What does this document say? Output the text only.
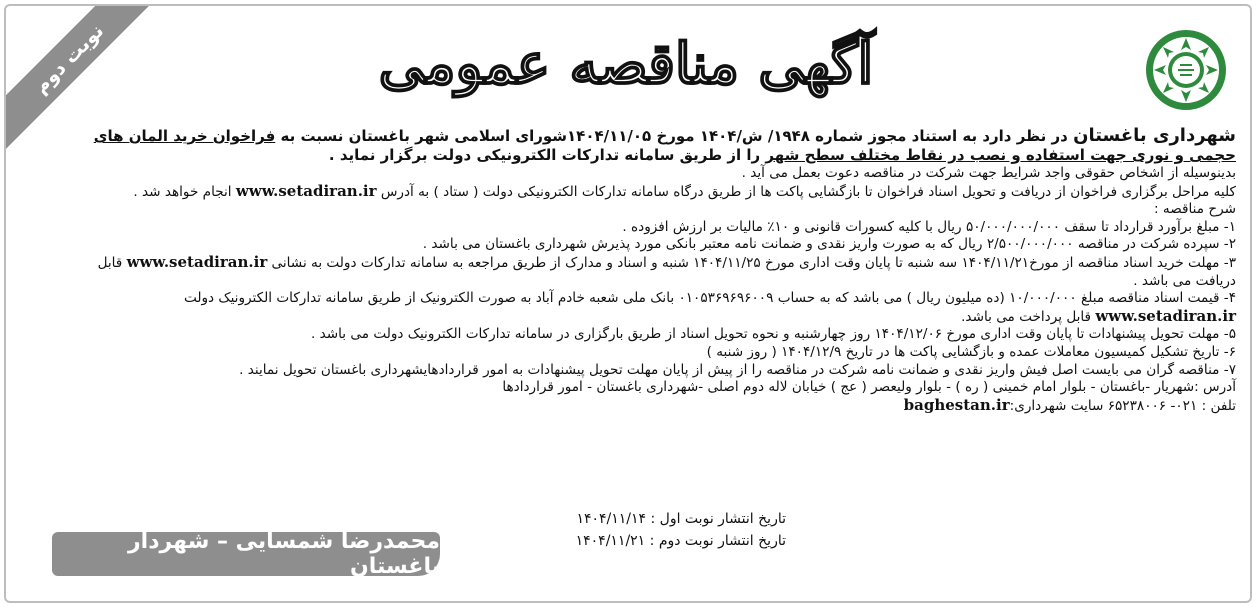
نوبت دوم	آگهی مناقصه عمومی

شهرداری باغستان در نظر دارد به استناد مجوز شماره ۱۹۴۸/ ش/۱۴۰۴ مورخ ۱۴۰۴/۱۱/۰۵شورای اسلامی شهر باغستان نسبت به فراخوان خرید المان های حجمی و نوری جهت استفاده و نصب در نقاط مختلف سطح شهر را از طریق سامانه تدارکات الکترونیکی دولت برگزار نماید .

بدینوسیله از اشخاص حقوقی واجد شرایط جهت شرکت در مناقصه دعوت بعمل می آید .

کلیه مراحل برگزاری فراخوان از دریافت و تحویل اسناد فراخوان تا بازگشایی پاکت ها از طریق درگاه سامانه تدارکات الکترونیکی دولت ( ستاد ) به آدرس www.setadiran.ir انجام خواهد شد .

شرح مناقصه :

۱- مبلغ برآورد قرارداد تا سقف ۵۰/۰۰۰/۰۰۰/۰۰۰ ریال با کلیه کسورات قانونی و ۱۰٪ مالیات بر ارزش افزوده .

۲- سپرده شرکت در مناقصه ۲/۵۰۰/۰۰۰/۰۰۰ ریال که به صورت واریز نقدی و ضمانت نامه معتبر بانکی مورد پذیرش شهرداری باغستان می باشد .

۳- مهلت خرید اسناد مناقصه از مورخ۱۴۰۴/۱۱/۲۱ سه شنبه تا پایان وقت اداری مورخ ۱۴۰۴/۱۱/۲۵ شنبه و اسناد و مدارک از طریق مراجعه به سامانه تدارکات دولت به نشانی www.setadiran.ir قابل دریافت می باشد .

۴- قیمت اسناد مناقصه مبلغ ۱۰/۰۰۰/۰۰۰ (ده میلیون ریال ) می باشد که به حساب ۰۱۰۵۳۶۹۶۹۶۰۰۹ بانک ملی شعبه خادم آباد به صورت الکترونیک از طریق سامانه تدارکات الکترونیک دولت www.setadiran.ir قابل پرداخت می باشد.

۵- مهلت تحویل پیشنهادات تا پایان وقت اداری مورخ ۱۴۰۴/۱۲/۰۶ روز چهارشنبه و نحوه تحویل اسناد از طریق بارگزاری در سامانه تدارکات الکترونیک دولت می باشد .

۶- تاریخ تشکیل کمیسیون معاملات عمده و بازگشایی پاکت ها در تاریخ ۱۴۰۴/۱۲/۹ ( روز شنبه )

۷- مناقصه گران می بایست اصل فیش واریز نقدی و ضمانت نامه شرکت در مناقصه را از پیش از پایان مهلت تحویل پیشنهادات به امور قراردادهایشهرداری باغستان تحویل نمایند .

آدرس :شهریار -باغستان - بلوار امام خمینی ( ره ) - بلوار ولیعصر ( عج ) خیابان لاله دوم اصلی -شهرداری باغستان - امور قراردادها

تلفن : ۰۲۱- ۶۵۲۳۸۰۰۶ سایت شهرداری:baghestan.ir

تاریخ انتشار نوبت اول : ۱۴۰۴/۱۱/۱۴
تاریخ انتشار نوبت دوم : ۱۴۰۴/۱۱/۲۱
محمدرضا شمسایی – شهردار باغستان
